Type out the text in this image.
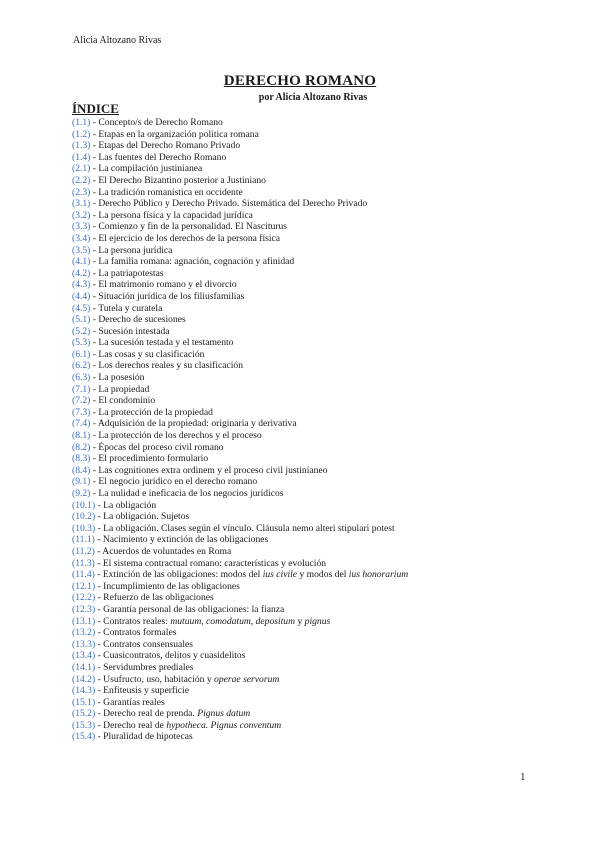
Alicia Altozano Rivas
DERECHO ROMANO
por Alicia Altozano Rivas
ÍNDICE
(1.1) - Concepto/s de Derecho Romano
(1.2) - Etapas en la organización política romana
(1.3) - Etapas del Derecho Romano Privado
(1.4) - Las fuentes del Derecho Romano
(2.1) - La compilación justinianea
(2.2) - El Derecho Bizantino posterior a Justiniano
(2.3) - La tradición romanística en occidente
(3.1) - Derecho Público y Derecho Privado. Sistemática del Derecho Privado
(3.2) - La persona física y la capacidad jurídica
(3.3) - Comienzo y fin de la personalidad. El Nasciturus
(3.4) - El ejercicio de los derechos de la persona física
(3.5) - La persona jurídica
(4.1) - La familia romana: agnación, cognación y afinidad
(4.2) - La patriapotestas
(4.3) - El matrimonio romano y el divorcio
(4.4) - Situación jurídica de los filiusfamilias
(4.5) - Tutela y curatela
(5.1) - Derecho de sucesiones
(5.2) - Sucesión intestada
(5.3) - La sucesión testada y el testamento
(6.1) - Las cosas y su clasificación
(6.2) - Los derechos reales y su clasificación
(6.3) - La posesión
(7.1) - La propiedad
(7.2) - El condominio
(7.3) - La protección de la propiedad
(7.4) - Adquisición de la propiedad: originaria y derivativa
(8.1) - La protección de los derechos y el proceso
(8.2) - Épocas del proceso civil romano
(8.3) - El procedimiento formulario
(8.4) - Las cognitiones extra ordinem y el proceso civil justinianeo
(9.1) - El negocio jurídico en el derecho romano
(9.2) - La nulidad e ineficacia de los negocios jurídicos
(10.1) - La obligación
(10.2) - La obligación. Sujetos
(10.3) - La obligación. Clases según el vínculo. Cláusula nemo alteri stipulari potest
(11.1) - Nacimiento y extinción de las obligaciones
(11.2) - Acuerdos de voluntades en Roma
(11.3) - El sistema contractual romano: características y evolución
(11.4) - Extinción de las obligaciones: modos del ius civile y modos del ius honorarium
(12.1) - Incumplimiento de las obligaciones
(12.2) - Refuerzo de las obligaciones
(12.3) - Garantía personal de las obligaciones: la fianza
(13.1) - Contratos reales: mutuum, comodatum, depositum y pignus
(13.2) - Contratos formales
(13.3) - Contratos consensuales
(13.4) - Cuasicontratos, delitos y cuasidelitos
(14.1) - Servidumbres prediales
(14.2) - Usufructo, uso, habitación y operae servorum
(14.3) - Enfiteusis y superficie
(15.1) - Garantías reales
(15.2) - Derecho real de prenda. Pignus datum
(15.3) - Derecho real de hypotheca. Pignus conventum
(15.4) - Pluralidad de hipotecas
1
